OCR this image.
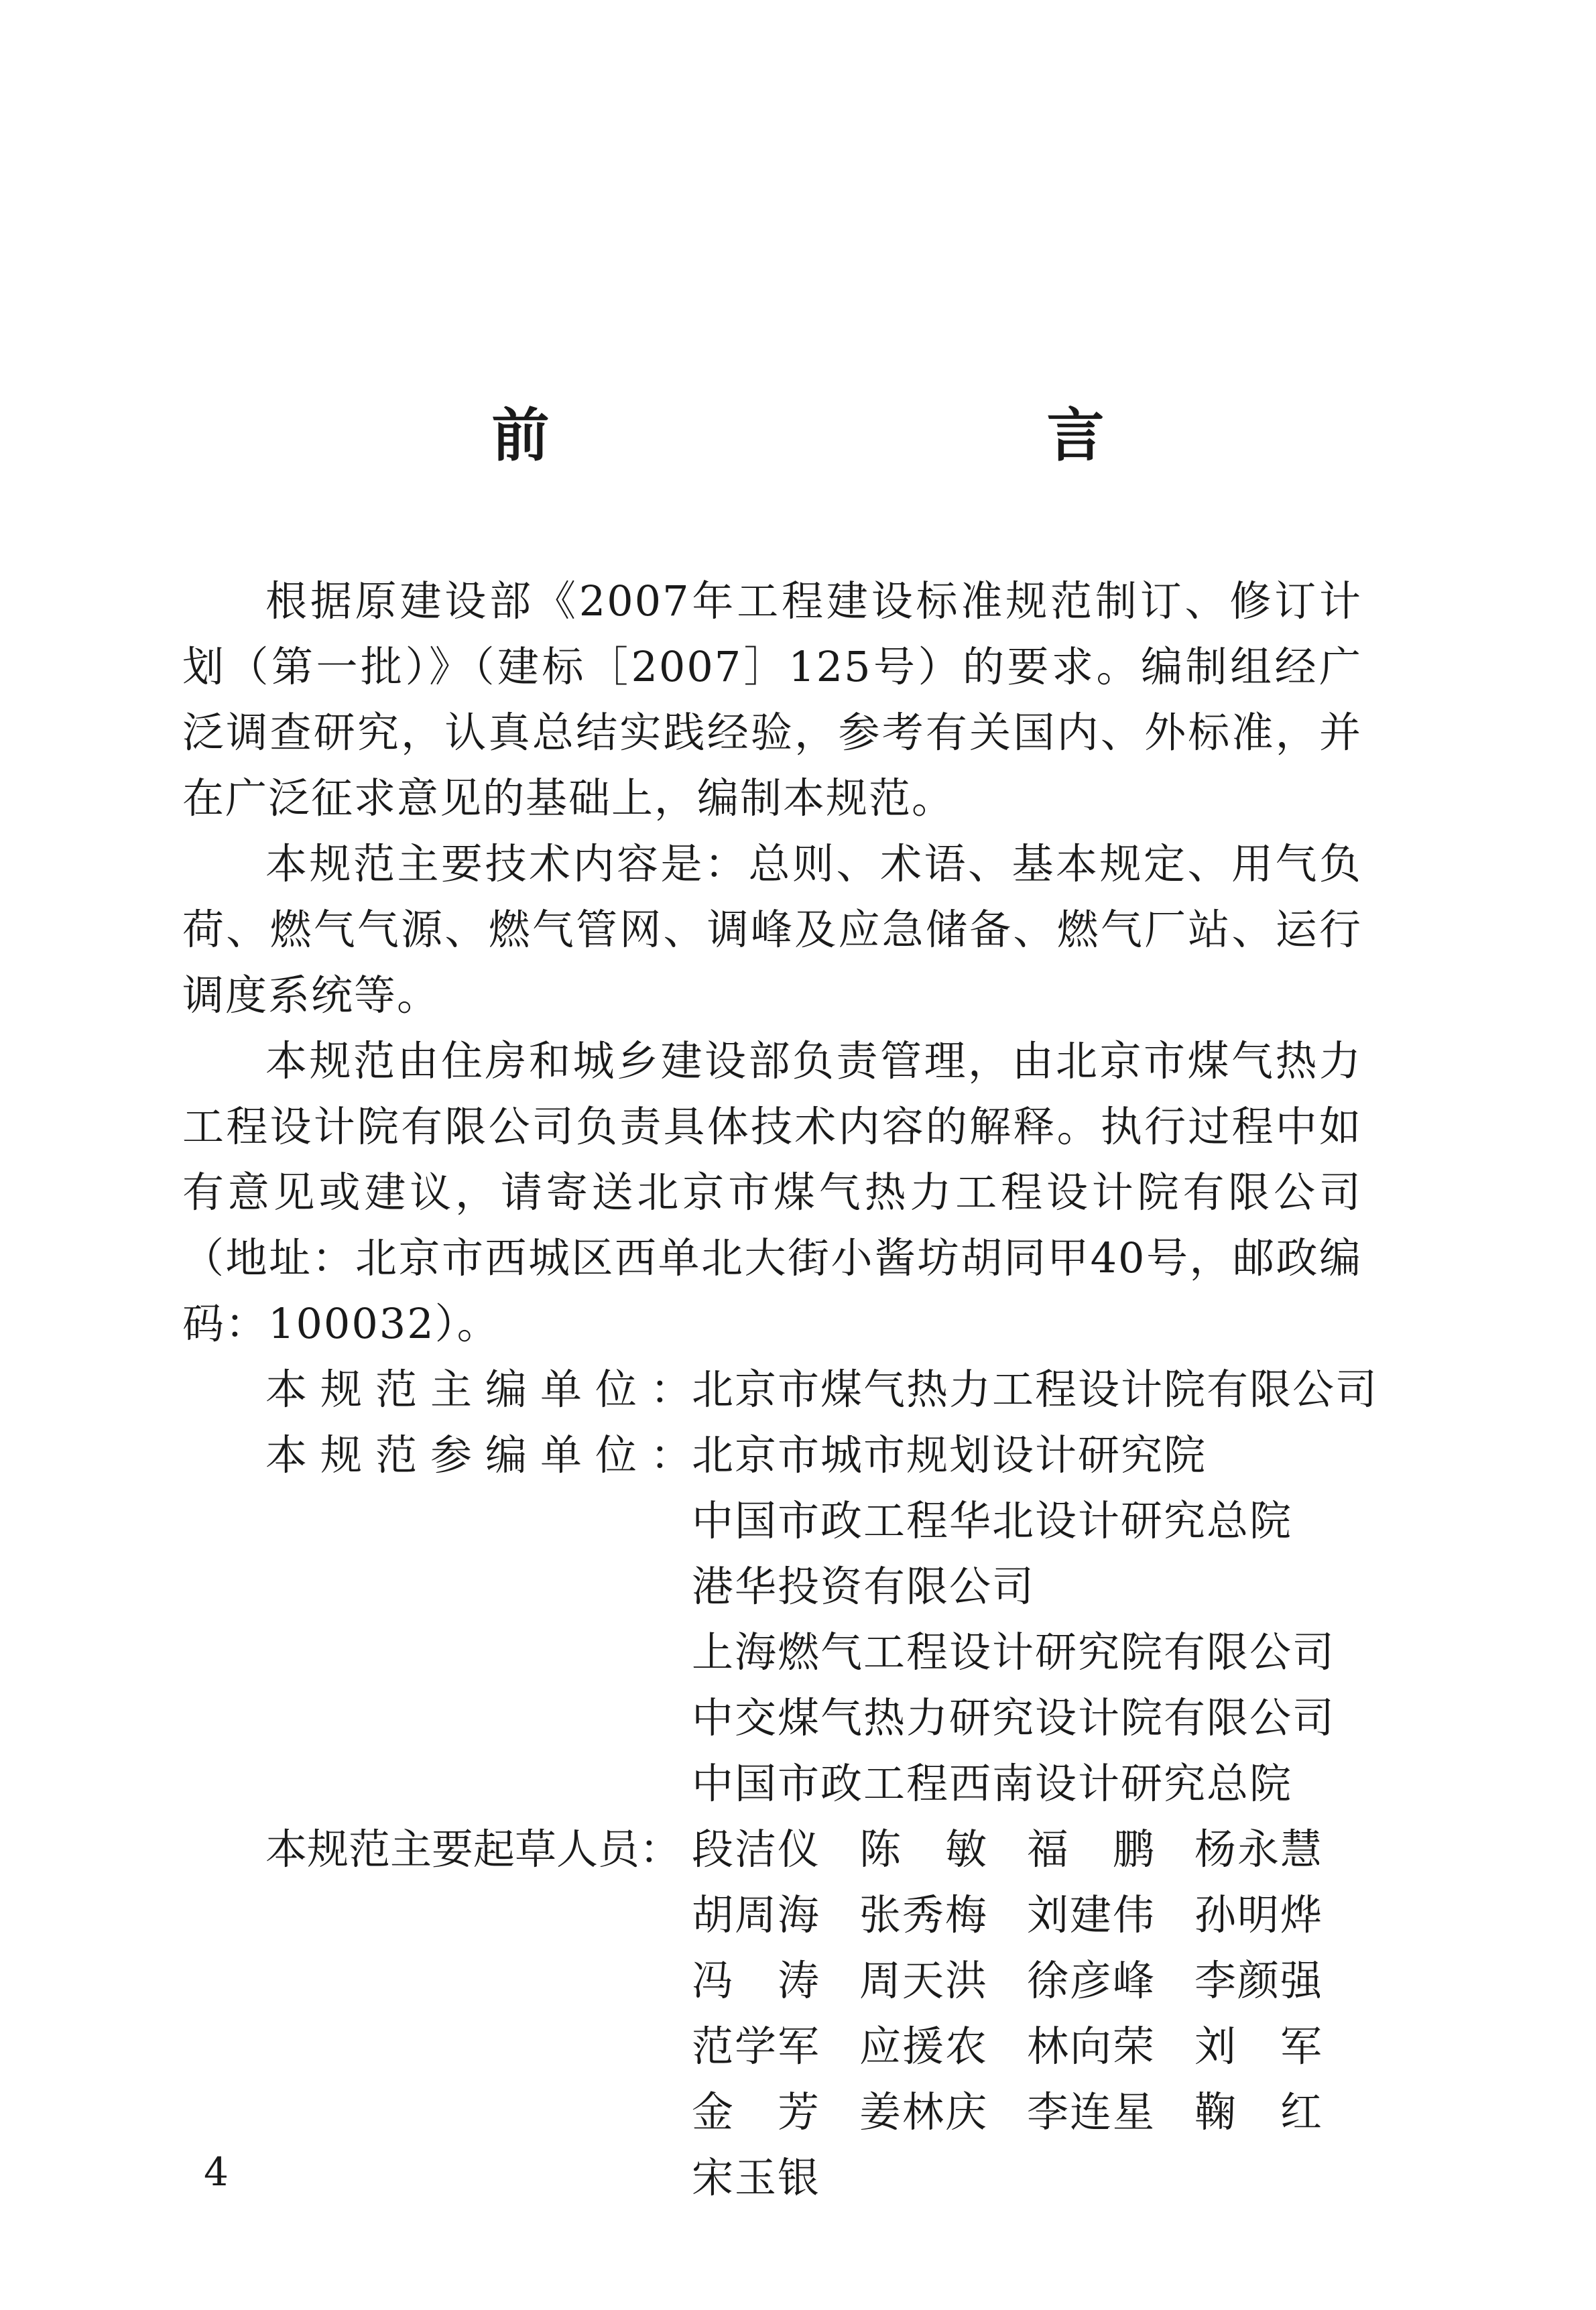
前　　言

根据原建设部《2007年工程建设标准规范制订、修订计划（第一批）》（建标［2007］125号）的要求。编制组经广泛调查研究，认真总结实践经验，参考有关国内、外标准，并在广泛征求意见的基础上，编制本规范。

本规范主要技术内容是：总则、术语、基本规定、用气负荷、燃气气源、燃气管网、调峰及应急储备、燃气厂站、运行调度系统等。

本规范由住房和城乡建设部负责管理，由北京市煤气热力工程设计院有限公司负责具体技术内容的解释。执行过程中如有意见或建议，请寄送北京市煤气热力工程设计院有限公司（地址：北京市西城区西单北大街小酱坊胡同甲40号，邮政编码：100032）。

本规范主编单位： 北京市煤气热力工程设计院有限公司
本规范参编单位： 北京市城市规划设计研究院
中国市政工程华北设计研究总院
港华投资有限公司
上海燃气工程设计研究院有限公司
中交煤气热力研究设计院有限公司
中国市政工程西南设计研究总院
本规范主要起草人员： 段洁仪 陈敏 福鹏 杨永慧
胡周海 张秀梅 刘建伟 孙明烨
冯涛 周天洪 徐彦峰 李颜强
范学军 应援农 林向荣 刘军
金芳 姜林庆 李连星 鞠红
宋玉银
4
